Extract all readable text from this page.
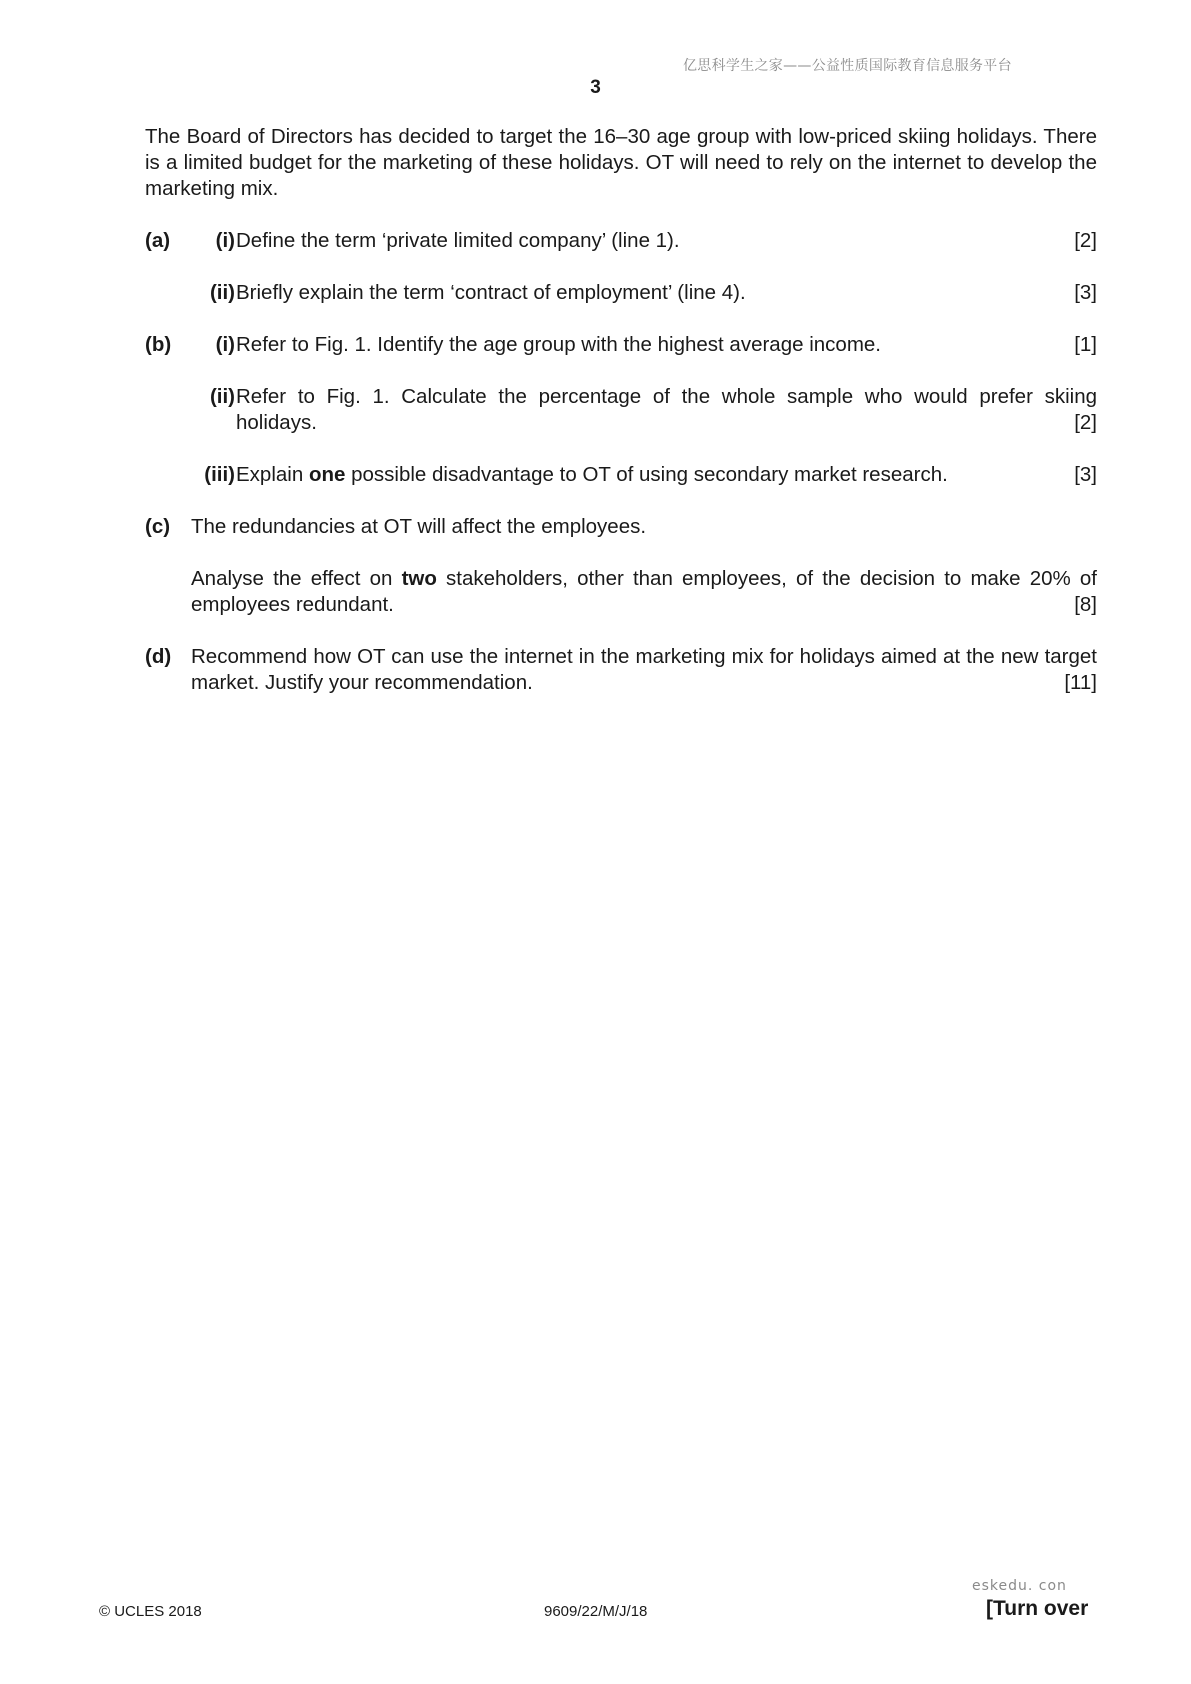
亿思科学生之家——公益性质国际教育信息服务平台
3

The Board of Directors has decided to target the 16–30 age group with low-priced skiing holidays. There is a limited budget for the marketing of these holidays. OT will need to rely on the internet to develop the marketing mix.

(a)	(i)	[2]
Define the term ‘private limited company’ (line 1).
(ii)	[3]
Briefly explain the term ‘contract of employment’ (line 4).
(b)	(i)	[1]
Refer to Fig. 1. Identify the age group with the highest average income.
(ii) Refer to Fig. 1. Calculate the percentage of the whole sample who would prefer skiing holidays.	[2]
(iii)	[3]
Explain one possible disadvantage to OT of using secondary market research.
(c) The redundancies at OT will affect the employees.

Analyse the effect on two stakeholders, other than employees, of the decision to make 20% of employees redundant.	[8]

(d) Recommend how OT can use the internet in the marketing mix for holidays aimed at the new target market. Justify your recommendation.	[11]
© UCLES 2018	9609/22/M/J/18
eskedu. con
[Turn over
